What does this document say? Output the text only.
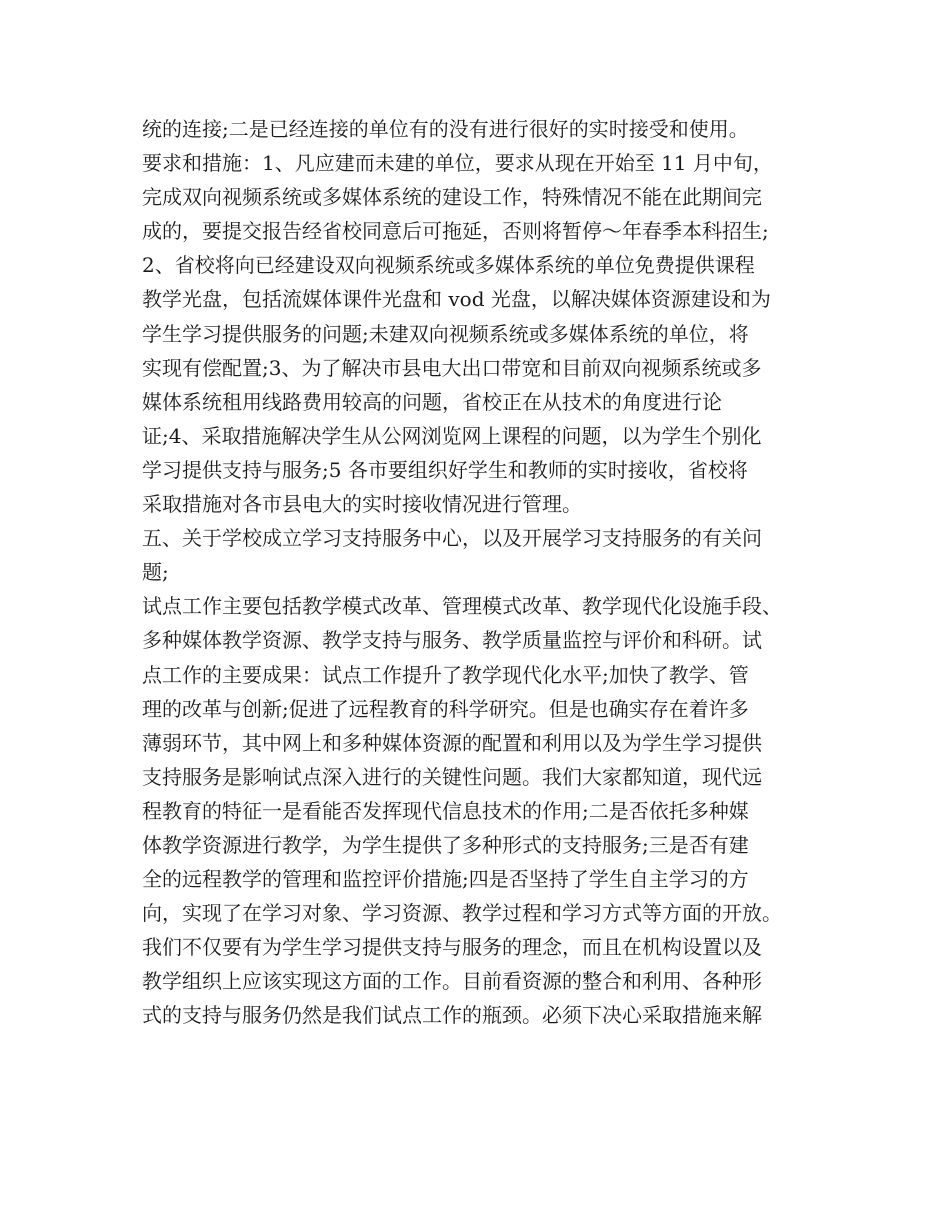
统的连接;二是已经连接的单位有的没有进行很好的实时接受和使用。
要求和措施：1、凡应建而未建的单位，要求从现在开始至 11 月中旬，
完成双向视频系统或多媒体系统的建设工作，特殊情况不能在此期间完
成的，要提交报告经省校同意后可拖延，否则将暂停～年春季本科招生;
2、省校将向已经建设双向视频系统或多媒体系统的单位免费提供课程
教学光盘，包括流媒体课件光盘和 vod 光盘，以解决媒体资源建设和为
学生学习提供服务的问题;未建双向视频系统或多媒体系统的单位，将
实现有偿配置;3、为了解决市县电大出口带宽和目前双向视频系统或多
媒体系统租用线路费用较高的问题，省校正在从技术的角度进行论
证;4、采取措施解决学生从公网浏览网上课程的问题，以为学生个别化
学习提供支持与服务;5 各市要组织好学生和教师的实时接收，省校将
采取措施对各市县电大的实时接收情况进行管理。
五、关于学校成立学习支持服务中心，以及开展学习支持服务的有关问
题;
试点工作主要包括教学模式改革、管理模式改革、教学现代化设施手段、
多种媒体教学资源、教学支持与服务、教学质量监控与评价和科研。试
点工作的主要成果：试点工作提升了教学现代化水平;加快了教学、管
理的改革与创新;促进了远程教育的科学研究。但是也确实存在着许多
薄弱环节，其中网上和多种媒体资源的配置和利用以及为学生学习提供
支持服务是影响试点深入进行的关键性问题。我们大家都知道，现代远
程教育的特征一是看能否发挥现代信息技术的作用;二是否依托多种媒
体教学资源进行教学，为学生提供了多种形式的支持服务;三是否有建
全的远程教学的管理和监控评价措施;四是否坚持了学生自主学习的方
向，实现了在学习对象、学习资源、教学过程和学习方式等方面的开放。
我们不仅要有为学生学习提供支持与服务的理念，而且在机构设置以及
教学组织上应该实现这方面的工作。目前看资源的整合和利用、各种形
式的支持与服务仍然是我们试点工作的瓶颈。必须下决心采取措施来解
